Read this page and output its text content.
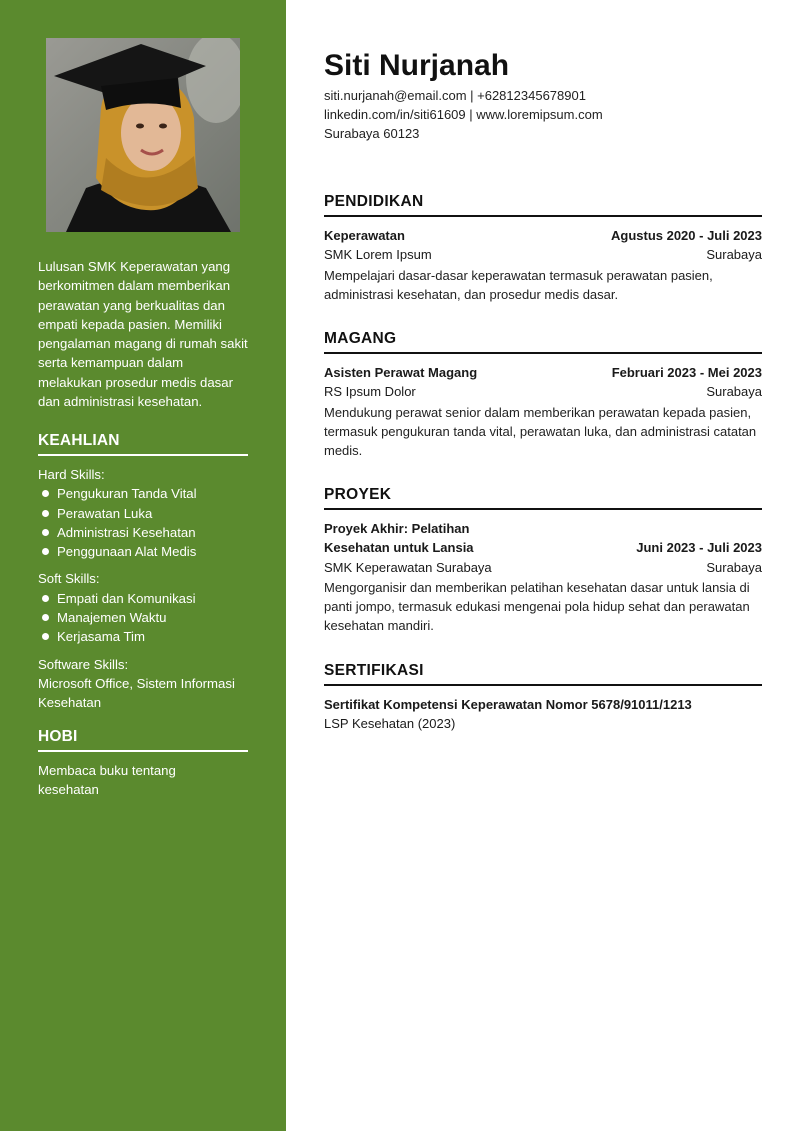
Lulusan SMK Keperawatan yang berkomitmen dalam memberikan perawatan yang berkualitas dan empati kepada pasien. Memiliki pengalaman magang di rumah sakit serta kemampuan dalam melakukan prosedur medis dasar dan administrasi kesehatan.
KEAHLIAN
Hard Skills:
Pengukuran Tanda Vital
Perawatan Luka
Administrasi Kesehatan
Penggunaan Alat Medis
Soft Skills:
Empati dan Komunikasi
Manajemen Waktu
Kerjasama Tim
Software Skills:
Microsoft Office, Sistem Informasi Kesehatan
HOBI
Membaca buku tentang kesehatan
Siti Nurjanah
siti.nurjanah@email.com | +62812345678901
linkedin.com/in/siti61609 | www.loremipsum.com
Surabaya 60123
PENDIDIKAN
Keperawatan	Agustus 2020 - Juli 2023
SMK Lorem Ipsum	Surabaya
Mempelajari dasar-dasar keperawatan termasuk perawatan pasien, administrasi kesehatan, dan prosedur medis dasar.
MAGANG
Asisten Perawat Magang	Februari 2023 - Mei 2023
RS Ipsum Dolor	Surabaya
Mendukung perawat senior dalam memberikan perawatan kepada pasien, termasuk pengukuran tanda vital, perawatan luka, dan administrasi catatan medis.
PROYEK
Proyek Akhir: Pelatihan
Kesehatan untuk Lansia	Juni 2023 - Juli 2023
SMK Keperawatan Surabaya	Surabaya
Mengorganisir dan memberikan pelatihan kesehatan dasar untuk lansia di panti jompo, termasuk edukasi mengenai pola hidup sehat dan perawatan kesehatan mandiri.
SERTIFIKASI
Sertifikat Kompetensi Keperawatan Nomor 5678/91011/1213
LSP Kesehatan (2023)
